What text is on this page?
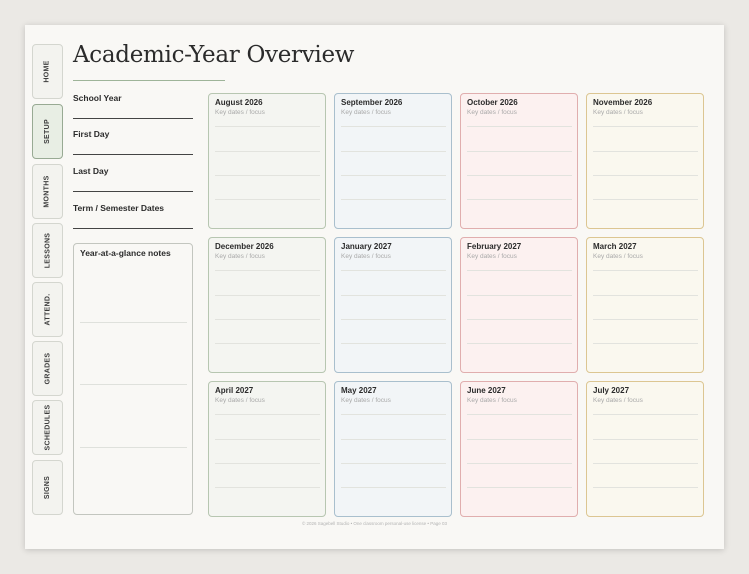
HOME
SETUP
MONTHS
LESSONS
ATTEND.
GRADES
SCHEDULES
SIGNS
Academic-Year Overview
School Year
First Day
Last Day
Term / Semester Dates
Year-at-a-glance notes
August 2026
Key dates / focus
September 2026
Key dates / focus
October 2026
Key dates / focus
November 2026
Key dates / focus
December 2026
Key dates / focus
January 2027
Key dates / focus
February 2027
Key dates / focus
March 2027
Key dates / focus
April 2027
Key dates / focus
May 2027
Key dates / focus
June 2027
Key dates / focus
July 2027
Key dates / focus
© 2026 Sagebell Studio • One classroom personal-use license • Page 03
